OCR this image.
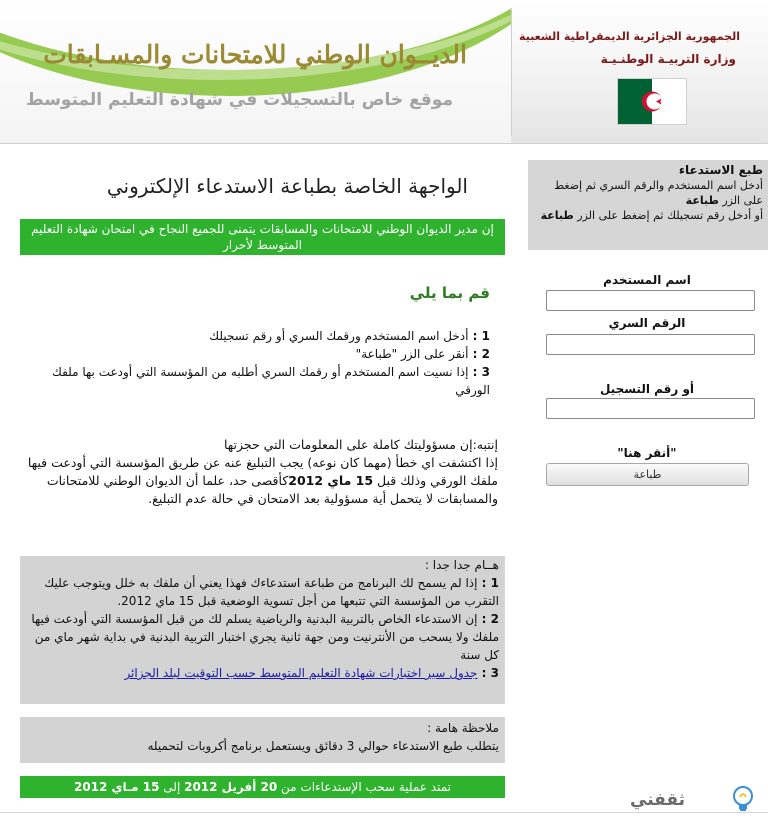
الديــوان الوطني للامتحانات والمسـابقات
موقع خاص بالتسجيلات في شهادة التعليم المتوسط
الجمهورية الجزائرية الديمقراطية الشعبية
وزارة التربيـة الوطنـيـة
طبع الاستدعاء
أدخل اسم المستخدم والرقم السري ثم إضغط على الزر طباعة
أو أدخل رقم تسجيلك ثم إضغط على الزر طباعة
اسم المستخدم
الرقم السري
أو رقم التسجيل
"أنقر هنا"
طباعة
الواجهة الخاصة بطباعة الاستدعاء الإلكتروني
إن مدير الديوان الوطني للامتحانات والمسابقات يتمنى للجميع النجاح في امتحان شهادة التعليم المتوسط لأحرار
قم بما يلي

1 : أدخل اسم المستخدم ورقمك السري أو رقم تسجيلك

2 : أنقر على الزر "طباعة"

3 : إذا نسيت اسم المستخدم أو رقمك السري أطلبه من المؤسسة التي أودعت بها ملفك الورقي

إنتبه:إن مسؤوليتك كاملة على المعلومات التي حجزتها

إذا اكتشفت اي خطأ (مهما كان نوعه) يجب التبليغ عنه عن طريق المؤسسة التي أودعت فيها ملفك الورقي وذلك قبل 15 ماي 2012كأقصى حد، علما أن الديوان الوطني للامتحانات والمسابقات لا يتحمل أية مسؤولية بعد الامتحان في حالة عدم التبليغ.

هــام جدا جدا :

1 : إذا لم يسمح لك البرنامج من طباعة استدعاءك فهذا يعني أن ملفك به خلل ويتوجب عليك التقرب من المؤسسة التي تتبعها من أجل تسوية الوضعية قبل 15 ماي 2012.

2 : إن الاستدعاء الخاص بالتربية البدنية والرياضية يسلم لك من قبل المؤسسة التي أودعت فيها ملفك ولا يسحب من الأنترنيت ومن جهة ثانية يجري اختبار التربية البدنية في بداية شهر ماي من كل سنة

3 : جدول سير اختبارات شهادة التعليم المتوسط حسب التوقيت لبلد الجزائر

ملاحظة هامة :

يتطلب طبع الاستدعاء حوالي 3 دقائق ويستعمل برنامج أكروبات لتحميله

تمتد عملية سحب الإستدعاءات من 20 أفريل 2012 إلى 15 مـاي 2012
ثقفني
